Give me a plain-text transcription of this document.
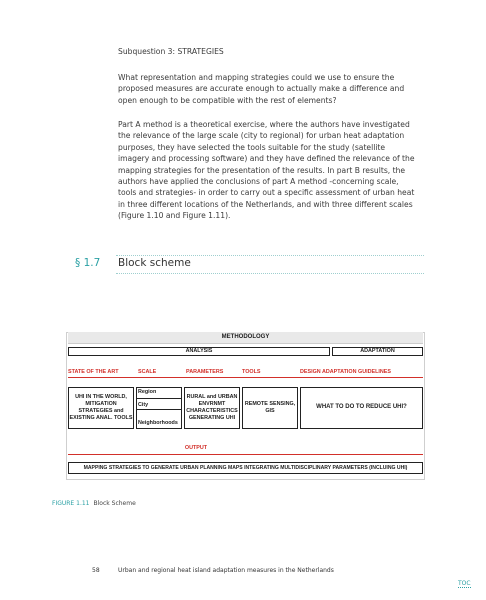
Subquestion 3: STRATEGIES
What representation and mapping strategies could we use to ensure the proposed measures are accurate enough to actually make a difference and open enough to be compatible with the rest of elements?
Part A method is a theoretical exercise, where the authors have investigated the relevance of the large scale (city to regional) for urban heat adaptation purposes, they have selected the tools suitable for the study (satellite imagery and processing software) and they have defined the relevance of the mapping strategies for the presentation of the results. In part B results, the authors have applied the conclusions of part A method -concerning scale, tools and strategies- in order to carry out a specific assessment of urban heat in three different locations of the Netherlands, and with three different scales (Figure 1.10 and Figure 1.11).
§ 1.7 Block scheme
METHODOLOGY
ANALYSIS	ADAPTATION
STATE OF THE ART	SCALE	PARAMETERS	TOOLS	DESIGN ADAPTATION GUIDELINES
UHI IN THE WORLD, MITIGATION STRATEGIES and EXISTING ANAL. TOOLS
Region
City
Neighborhoods
RURAL and URBAN ENVRNMT CHARACTERISTICS GENERATING UHI
REMOTE SENSING, GIS
WHAT TO DO TO REDUCE UHI?
OUTPUT
MAPPING STRATEGIES TO GENERATE URBAN PLANNING MAPS INTEGRATING MULTIDISCIPLINARY PARAMETERS (INCLUING UHI)
FIGURE 1.11 Block Scheme
58	Urban and regional heat island adaptation measures in the Netherlands
TOC
